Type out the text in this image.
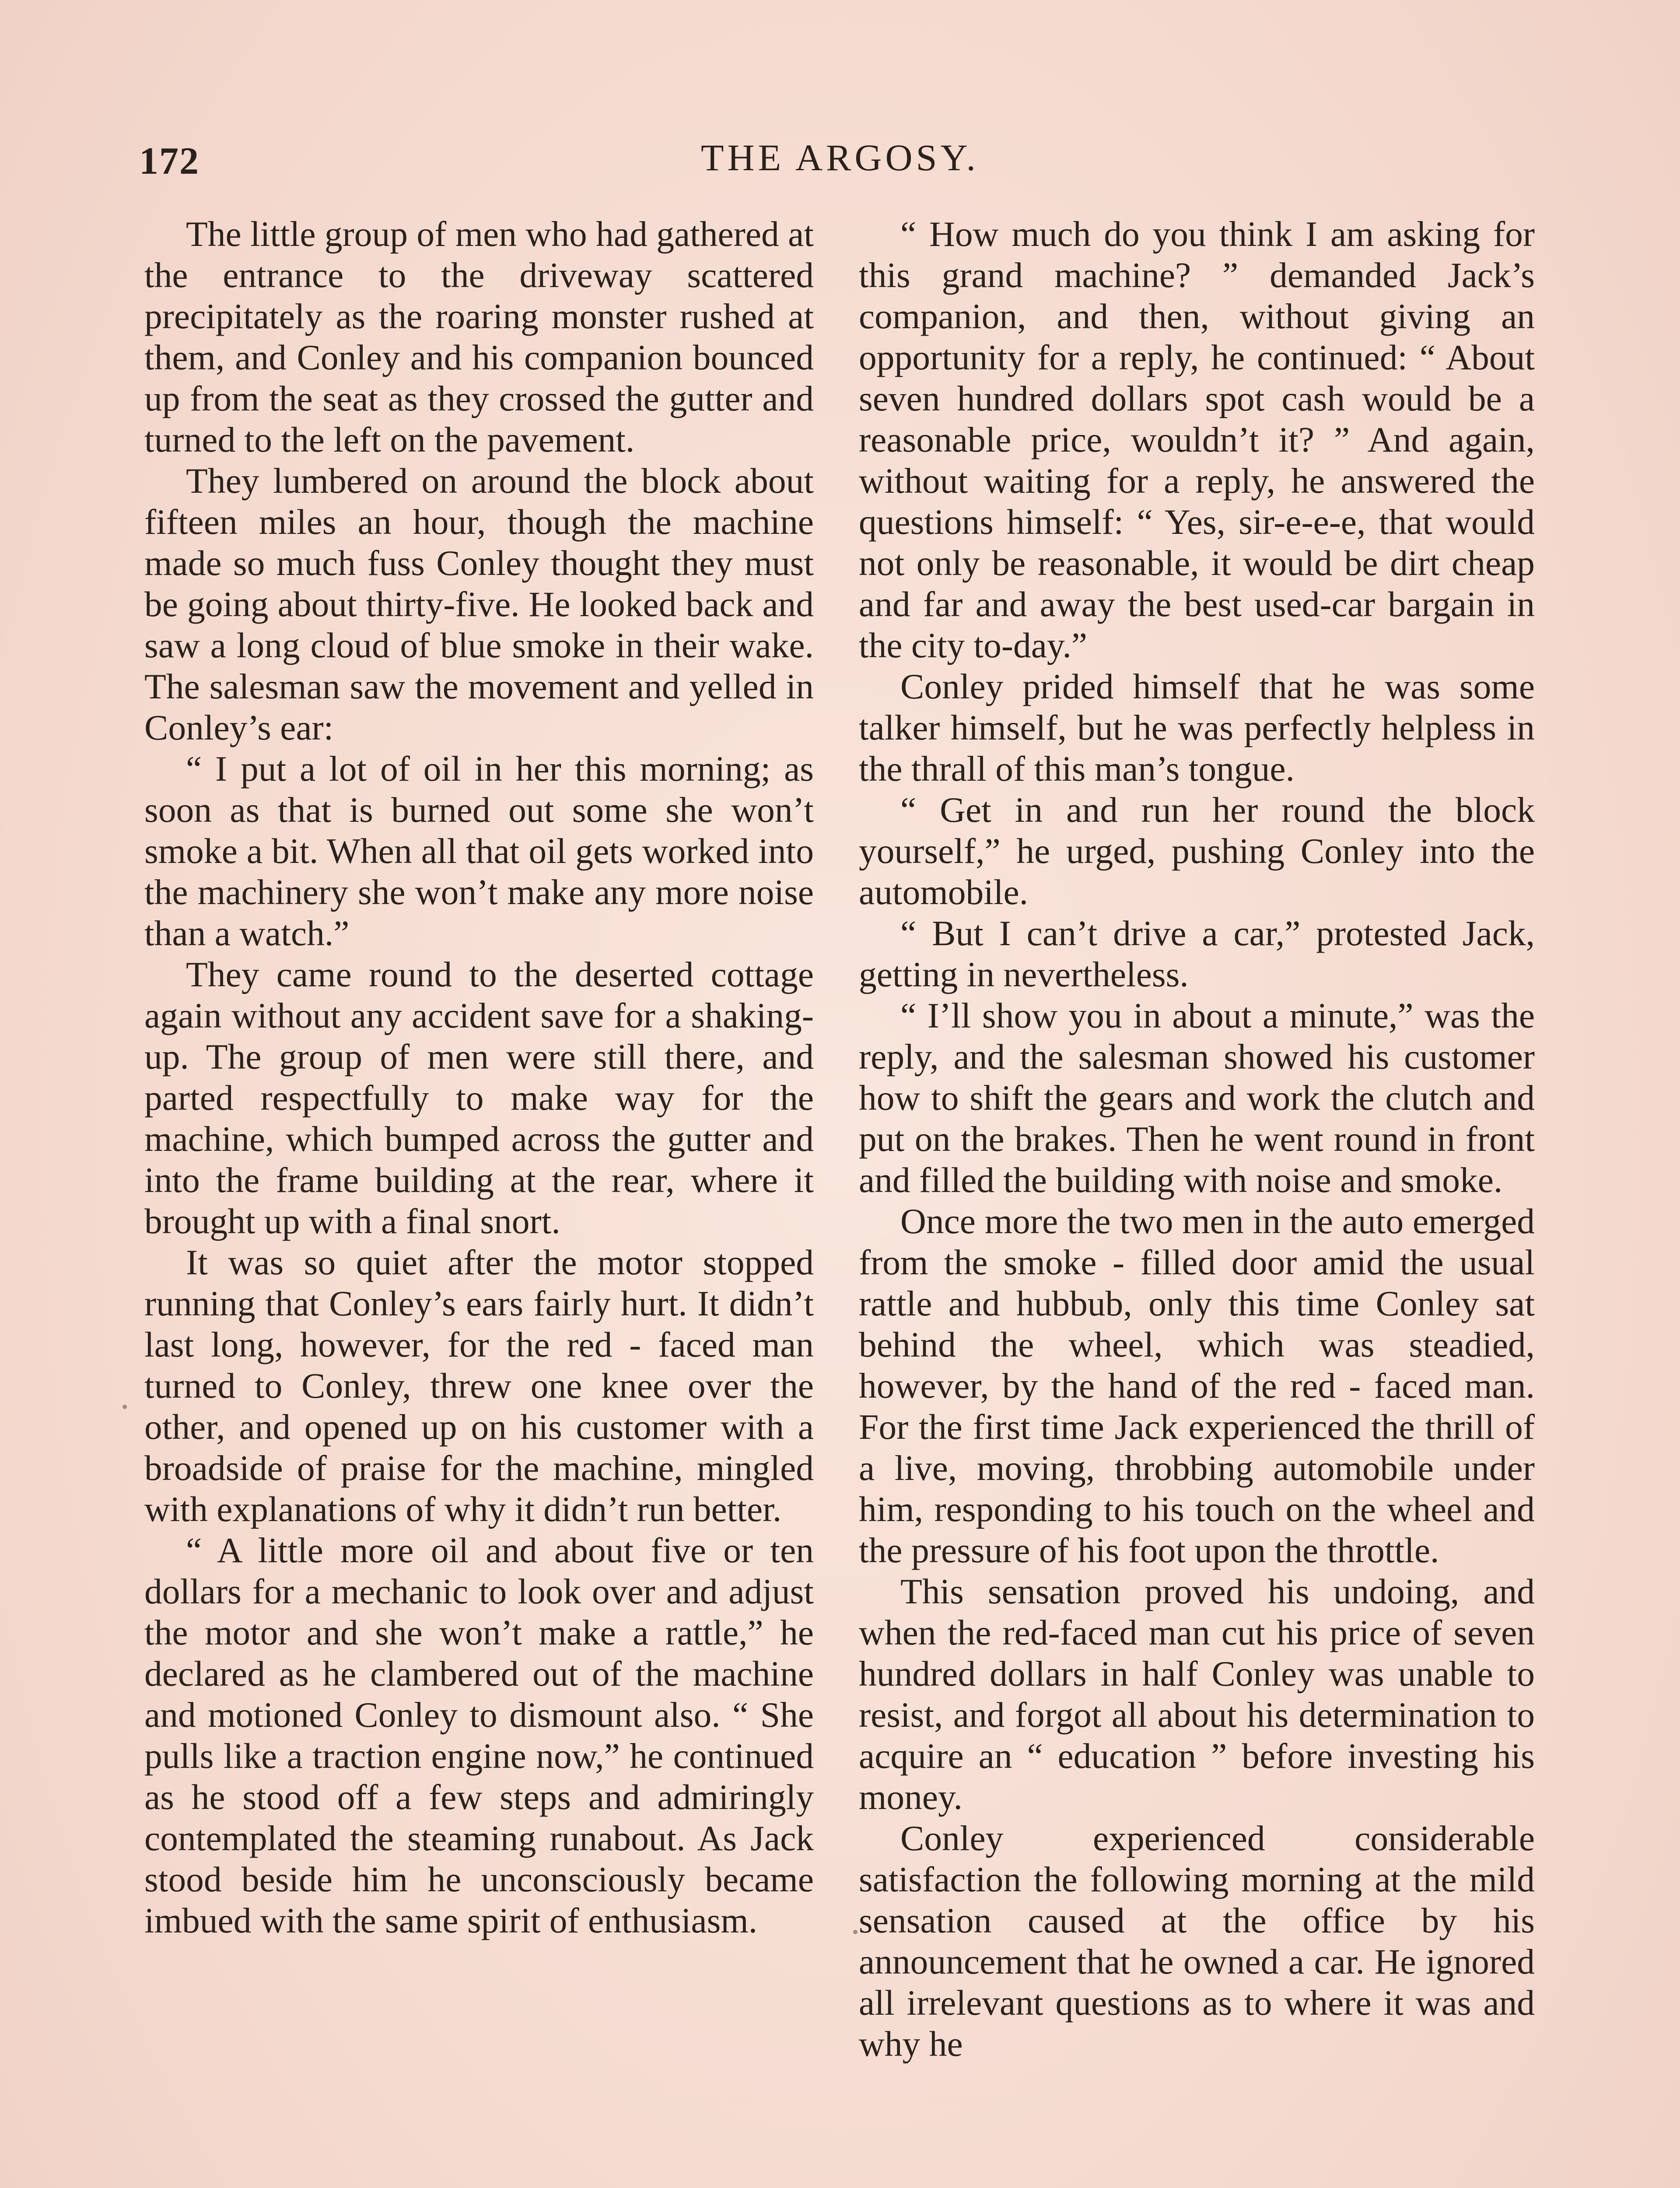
172	THE ARGOSY.

The little group of men who had gathered at the entrance to the driveway scattered precipitately as the roaring monster rushed at them, and Conley and his companion bounced up from the seat as they crossed the gutter and turned to the left on the pavement.

They lumbered on around the block about fifteen miles an hour, though the machine made so much fuss Conley thought they must be going about thirty-five. He looked back and saw a long cloud of blue smoke in their wake. The salesman saw the movement and yelled in Conley’s ear:

“ I put a lot of oil in her this morning; as soon as that is burned out some she won’t smoke a bit. When all that oil gets worked into the machinery she won’t make any more noise than a watch.”

They came round to the deserted cottage again without any accident save for a shaking-up. The group of men were still there, and parted respectfully to make way for the machine, which bumped across the gutter and into the frame building at the rear, where it brought up with a final snort.

It was so quiet after the motor stopped running that Conley’s ears fairly hurt. It didn’t last long, however, for the red - faced man turned to Conley, threw one knee over the other, and opened up on his customer with a broadside of praise for the machine, mingled with explanations of why it didn’t run better.

“ A little more oil and about five or ten dollars for a mechanic to look over and adjust the motor and she won’t make a rattle,” he declared as he clambered out of the machine and motioned Conley to dismount also. “ She pulls like a traction engine now,” he continued as he stood off a few steps and admiringly contemplated the steaming runabout. As Jack stood beside him he unconsciously became imbued with the same spirit of enthusiasm.

“ How much do you think I am asking for this grand machine? ” demanded Jack’s companion, and then, without giving an opportunity for a reply, he continued: “ About seven hundred dollars spot cash would be a reasonable price, wouldn’t it? ” And again, without waiting for a reply, he answered the questions himself: “ Yes, sir-e-e-e, that would not only be reasonable, it would be dirt cheap and far and away the best used-car bargain in the city to-day.”

Conley prided himself that he was some talker himself, but he was perfectly helpless in the thrall of this man’s tongue.

“ Get in and run her round the block yourself,” he urged, pushing Conley into the automobile.

“ But I can’t drive a car,” protested Jack, getting in nevertheless.

“ I’ll show you in about a minute,” was the reply, and the salesman showed his customer how to shift the gears and work the clutch and put on the brakes. Then he went round in front and filled the building with noise and smoke.

Once more the two men in the auto emerged from the smoke - filled door amid the usual rattle and hubbub, only this time Conley sat behind the wheel, which was steadied, however, by the hand of the red - faced man. For the first time Jack experienced the thrill of a live, moving, throbbing automobile under him, responding to his touch on the wheel and the pressure of his foot upon the throttle.

This sensation proved his undoing, and when the red-faced man cut his price of seven hundred dollars in half Conley was unable to resist, and forgot all about his determination to acquire an “ education ” before investing his money.

Conley experienced considerable satisfaction the following morning at the mild sensation caused at the office by his announcement that he owned a car. He ignored all irrelevant questions as to where it was and why he
